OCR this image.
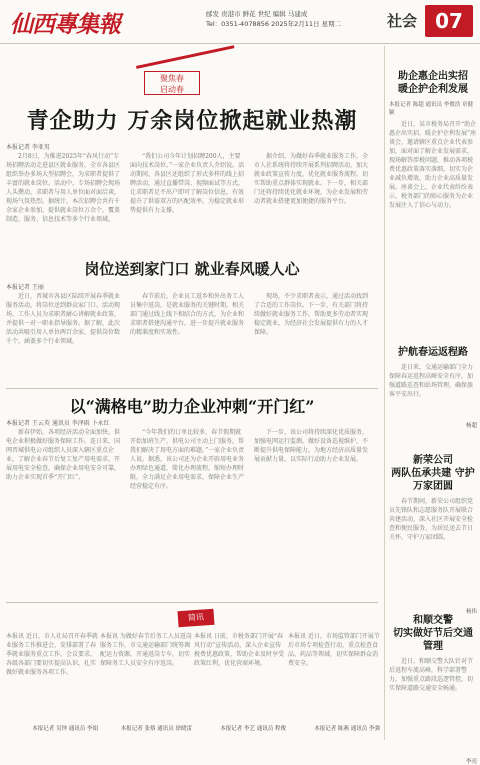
仙西專集報	邮发 贵港市 鲜花 世纪 编辑 马建成
Tel：0351-4078856 2025年2月11日 星期二	社会 07
聚焦春
启动春
青企助力 万余岗位掀起就业热潮
本报记者 李亚男
2月8日，为推进2025年“春风行动”专场招聘活动走进县区就业服务，全市各县区组织举办多场大型招聘会，为求职者提供了丰富的就业岗位。活动中，专场招聘会现场人头攒动，求职者与用人单位面对面洽谈，现场气氛热烈。据统计，本次招聘会共有千余家企业参加，提供就业岗位万余个，覆盖制造、服务、信息技术等多个行业领域。
“我们公司今年计划招聘200人，主要面向技术岗位。”一家企业负责人介绍说。活动期间，各县区还组织了形式多样的线上招聘活动，通过直播带岗、视频面试等方式，让求职者足不出户即可了解岗位信息，有效提升了供需双方的匹配效率，为稳定就业形势提供有力支撑。
据介绍，为做好春季就业服务工作，全市人社系统将持续开展系列招聘活动，加大就业政策宣传力度，优化就业服务流程，切实帮助重点群体实现就业。下一步，相关部门还将持续优化就业环境，为企业发展和劳动者就业搭建更加便捷的服务平台。
岗位送到家门口 就业春风暖人心
本报记者 王丽
近日，晋城市各县区陆续开展春季就业服务活动，将岗位送到群众家门口。活动现场，工作人员为求职者耐心讲解就业政策，并提供一对一职业指导服务。据了解，此次活动共吸引用人单位两百余家，提供岗位数千个，涵盖多个行业领域。
春节前后，企业员工返乡和外出务工人员集中返岗，是就业服务的关键时期。相关部门通过线上线下相结合的方式，为企业和求职者搭建沟通平台，进一步提升就业服务的精准度和实效性。
现场，不少求职者表示，通过活动找到了合适的工作岗位。下一步，有关部门将持续做好就业服务工作，帮助更多劳动者实现稳定就业，为经济社会发展提供有力的人才保障。
以“满格电”助力企业冲刺“开门红”
本报记者 王云英 通讯员 李泽雨 卜永红
新春伊始，各项经济活动全面加快，供电企业积极做好服务保障工作。连日来，国网晋城供电公司组织人员深入辖区重点企业，了解企业春节后复工复产用电需求，开展用电安全检查，确保企业用电安全可靠，助力企业实现首季“开门红”。
“今年我们的订单比较多，春节假期就开始加班生产，供电公司主动上门服务，帮我们解决了用电方面的难题。”一家企业负责人说。据悉，该公司还为企业开辟用电业务办理绿色通道，简化办理流程，缩短办理时限，全力满足企业用电需求，保障企业生产经营稳定有序。
下一步，该公司将持续深化优质服务，加强电网运行监测，做好设备巡视维护，不断提升供电保障能力，为地方经济高质量发展贡献力量，以实际行动助力企业发展。
简讯
本报讯 近日，市人社局召开春季就业服务工作推进会，安排部署了春季就业服务重点工作。会议要求，各级各部门要切实提高认识，扎实做好就业服务各项工作。
本报记者 吴钟 通讯员 李娟
本报讯 为做好春节后务工人员返岗服务工作，市交通运输部门统筹调配运力资源，开通返岗专车，切实保障务工人员安全有序返岗。
本报记者 张蔡 通讯员 徐晓雷
本报讯 日前，市税务部门开展“春风行动”宣传活动，深入企业宣传税费优惠政策，帮助企业及时享受政策红利，优化营商环境。
本报记者 李艺 通讯员 程俊
本报讯 近日，市场监管部门开展节后市场专项检查行动，重点检查食品、药品等领域，切实保障群众消费安全。
本报记者 陈燕 通讯员 李强
助企惠企出实招
暖企护企利发展
本报记者 陈超 通讯员 李俊浩 章健颖
近日，某市税务局召开“助企惠企出实招、暖企护企利发展”座谈会，邀请辖区重点企业代表参加，面对面了解企业发展需求，现场解答涉税问题，推动各项税费优惠政策落实落细，切实为企业减负增效，助力企业高质量发展。座谈会上，企业代表纷纷表示，税务部门的贴心服务为企业发展注入了信心与动力。
护航春运返程路
连日来，交通运输部门全力保障春运返程高峰安全有序，加强道路巡查和站场管理，确保旅客平安出行。
杨超
新荣公司
两队伍承共建 守护万家团圆
春节期间，新荣公司组织党员先锋队和志愿服务队开展联合共建活动，深入社区开展安全检查和便民服务，为居民送去节日关怀，守护万家团圆。
杨伟
和顺交警
切实做好节后交通管理
近日，和顺交警大队针对节后返程车流高峰，科学部署警力，加强重点路段巡逻管控，切实保障道路交通安全畅通。
李亮
